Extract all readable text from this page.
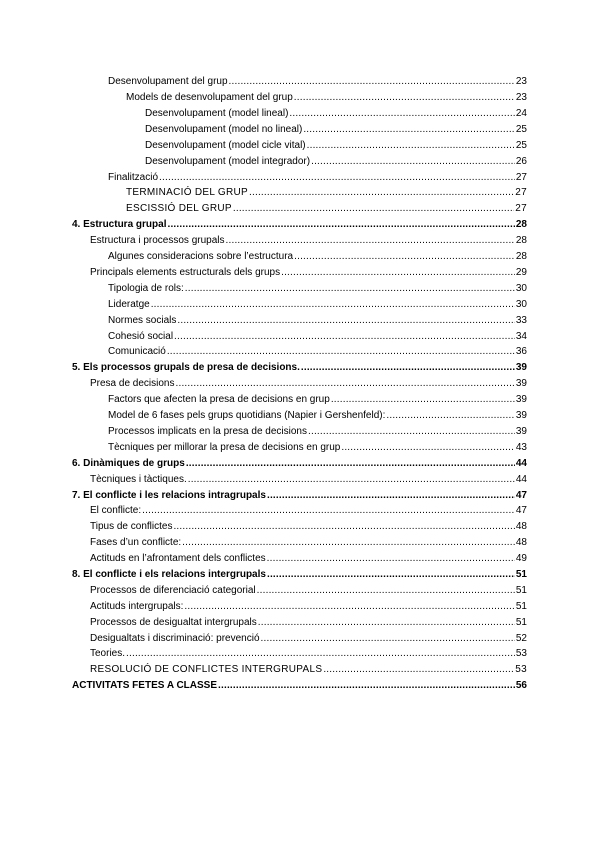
Desenvolupament del grup .....	23
Models de desenvolupament del grup .....	23
Desenvolupament (model lineal) .....	24
Desenvolupament (model no lineal) .....	25
Desenvolupament (model cicle vital) .....	25
Desenvolupament (model integrador) .....	26
Finalització .....	27
TERMINACIÓ DEL GRUP .....	27
ESCISSIÓ DEL GRUP .....	27
4. Estructura grupal .....	28
Estructura i processos grupals .....	28
Algunes consideracions sobre l’estructura .....	28
Principals elements estructurals dels grups .....	29
Tipologia de rols: .....	30
Lideratge .....	30
Normes socials .....	33
Cohesió social .....	34
Comunicació .....	36
5. Els processos grupals de presa de decisions. .....	39
Presa de decisions .....	39
Factors que afecten la presa de decisions en grup .....	39
Model de 6 fases pels grups quotidians (Napier i Gershenfeld): .....	39
Processos implicats en la presa de decisions .....	39
Tècniques per millorar la presa de decisions en grup .....	43
6. Dinàmiques de grups .....	44
Tècniques i tàctiques. .....	44
7. El conflicte i les relacions intragrupals .....	47
El conflicte: .....	47
Tipus de conflictes .....	48
Fases d’un conflicte: .....	48
Actituds en l’afrontament dels conflictes .....	49
8. El conflicte i els relacions intergrupals .....	51
Processos de diferenciació categorial .....	51
Actituds intergrupals: .....	51
Processos de desigualtat intergrupals .....	51
Desigualtats i discriminació: prevenció .....	52
Teories. .....	53
RESOLUCIÓ DE CONFLICTES INTERGRUPALS .....	53
ACTIVITATS FETES A CLASSE .....	56
